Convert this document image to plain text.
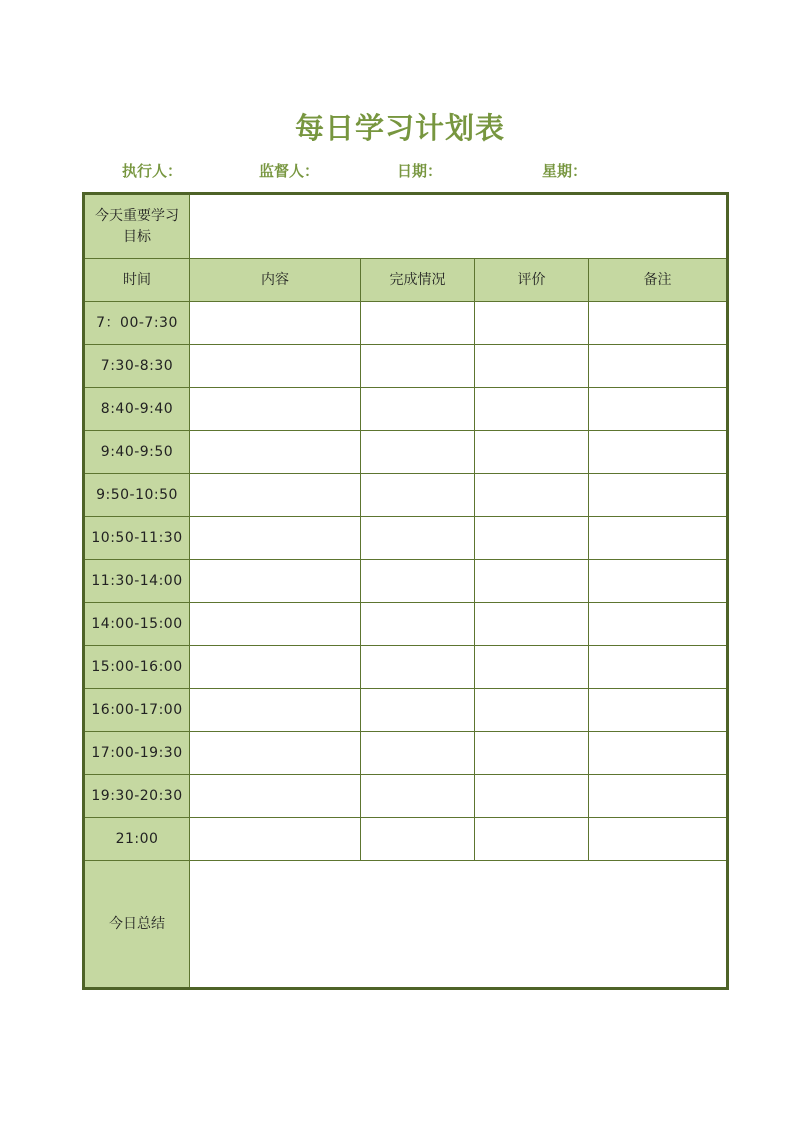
每日学习计划表
执行人：	监督人：	日期：	星期：
今天重要学习目标				
时间	内容	完成情况	评价	备注
7：00-7:30				
7:30-8:30				
8:40-9:40				
9:40-9:50				
9:50-10:50				
10:50-11:30				
11:30-14:00				
14:00-15:00				
15:00-16:00				
16:00-17:00				
17:00-19:30				
19:30-20:30				
21:00				
今日总结				
